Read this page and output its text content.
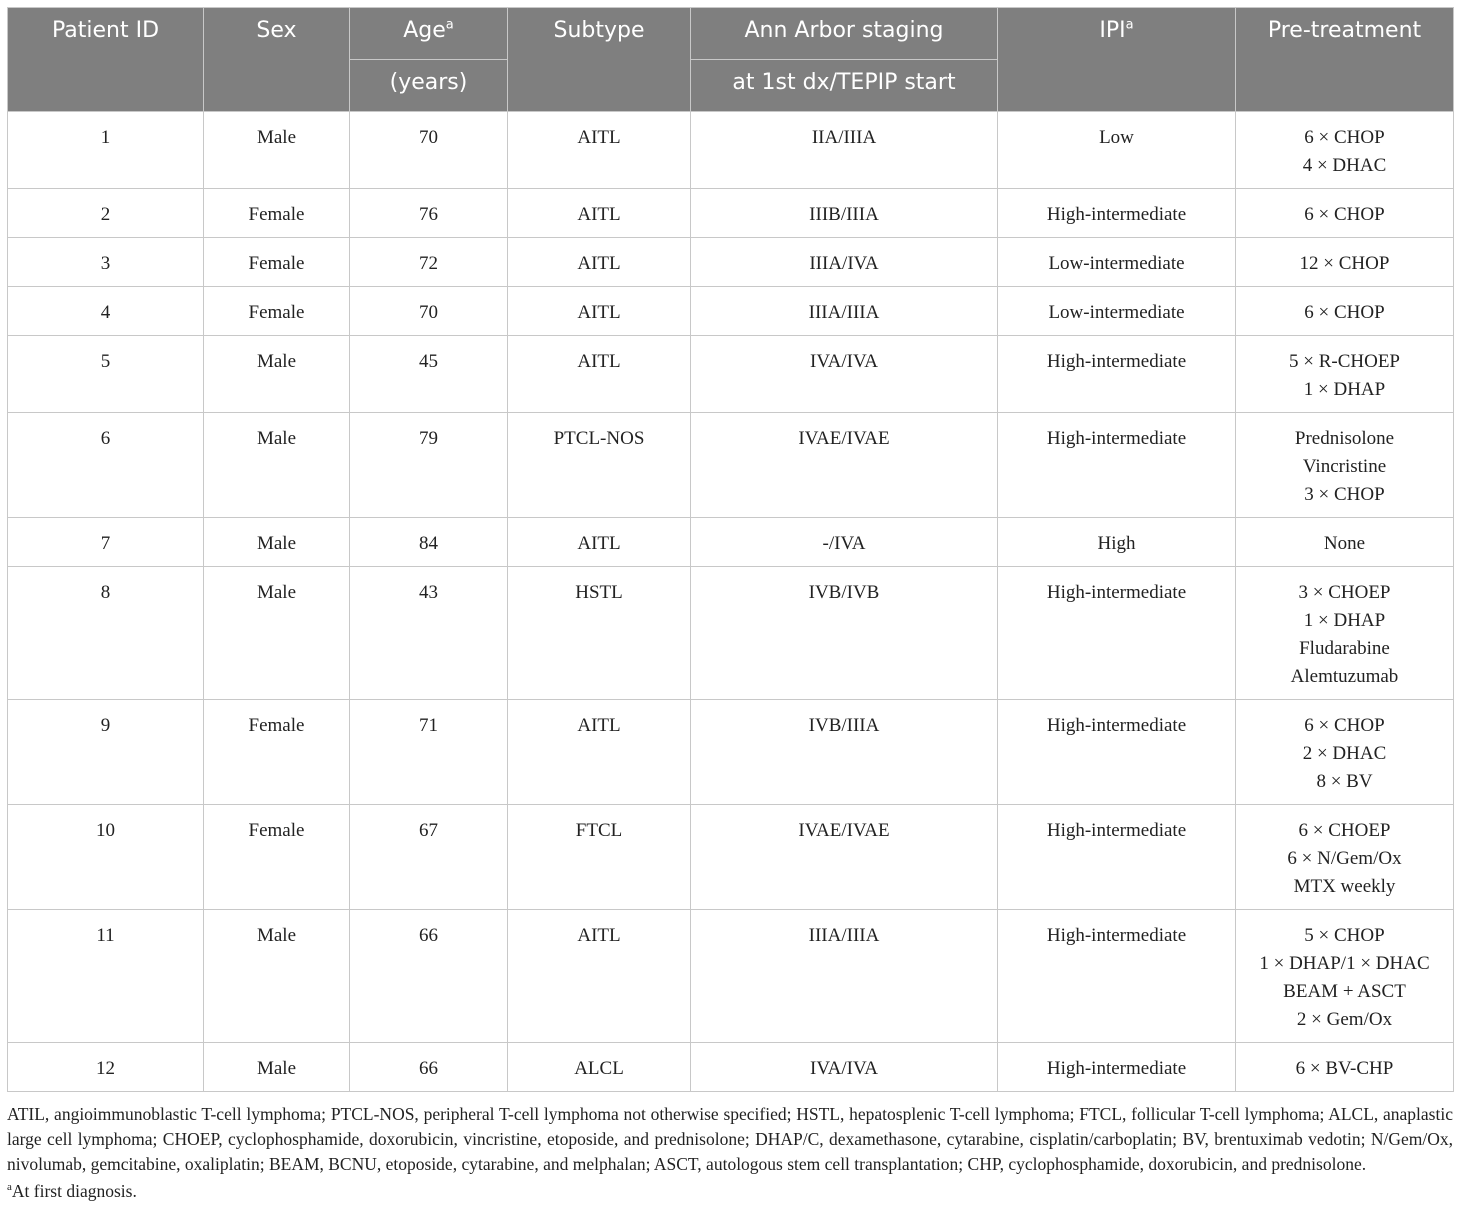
Patient ID	Sex	Age$^a$	Subtype	Ann Arbor staging	IPI$^a$	Pre-treatment
		(years)		at 1st dx/TEPIP start		
1	Male	70	AITL	IIA/IIIA	Low	6 × CHOP
4 × DHAC

2	Female	76	AITL	IIIB/IIIA	High-intermediate	6 × CHOP

3	Female	72	AITL	IIIA/IVA	Low-intermediate	12 × CHOP

4	Female	70	AITL	IIIA/IIIA	Low-intermediate	6 × CHOP

5	Male	45	AITL	IVA/IVA	High-intermediate	5 × R-CHOEP
1 × DHAP

6	Male	79	PTCL-NOS	IVAE/IVAE	High-intermediate	Prednisolone
Vincristine
3 × CHOP

7	Male	84	AITL	-/IVA	High	None

8	Male	43	HSTL	IVB/IVB	High-intermediate	3 × CHOEP
1 × DHAP
Fludarabine
Alemtuzumab

9	Female	71	AITL	IVB/IIIA	High-intermediate	6 × CHOP
2 × DHAC
8 × BV

10	Female	67	FTCL	IVAE/IVAE	High-intermediate	6 × CHOEP
6 × N/Gem/Ox
MTX weekly

11	Male	66	AITL	IIIA/IIIA	High-intermediate	5 × CHOP
1 × DHAP/1 × DHAC
BEAM + ASCT
2 × Gem/Ox

12	Male	66	ALCL	IVA/IVA	High-intermediate	6 × BV-CHP

ATIL, angioimmunoblastic T-cell lymphoma; PTCL-NOS, peripheral T-cell lymphoma not otherwise specified; HSTL, hepatosplenic T-cell lymphoma; FTCL, follicular T-cell lymphoma; ALCL, anaplastic large cell lymphoma; CHOEP, cyclophosphamide, doxorubicin, vincristine, etoposide, and prednisolone; DHAP/C, dexamethasone, cytarabine, cisplatin/carboplatin; BV, brentuximab vedotin; N/Gem/Ox, nivolumab, gemcitabine, oxaliplatin; BEAM, BCNU, etoposide, cytarabine, and melphalan; ASCT, autologous stem cell transplantation; CHP, cyclophosphamide, doxorubicin, and prednisolone.

$^a$At first diagnosis.
